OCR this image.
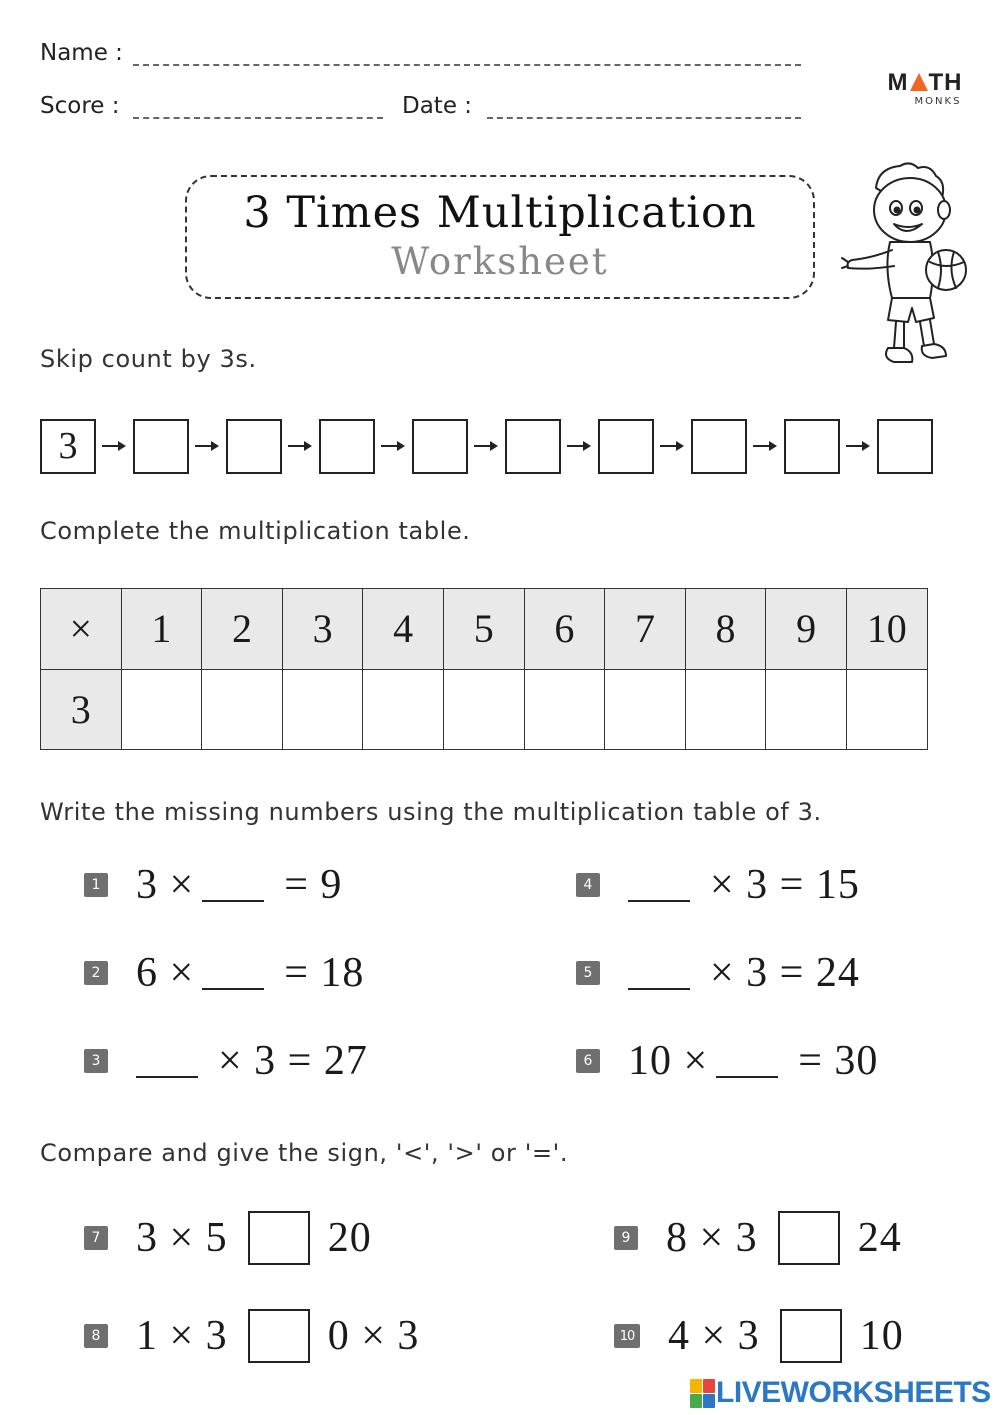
Name :
Score :	Date :
M TH
MONKS
3 Times Multiplication
Worksheet
Skip count by 3s.
3
Complete the multiplication table.
×	1	2	3	4	5	6	7	8	9	10
3										
Write the missing numbers using the multiplication table of 3.
1 3 × = 9
2 6 × = 18
3	× 3 = 27
4	× 3 = 15
5	× 3 = 24
6 10 × = 30
Compare and give the sign, '<', '>' or '='.
7 3 × 5 20
8 1 × 3 0 × 3
9 8 × 3 24
10 4 × 3 10
LIVEWORKSHEETS
